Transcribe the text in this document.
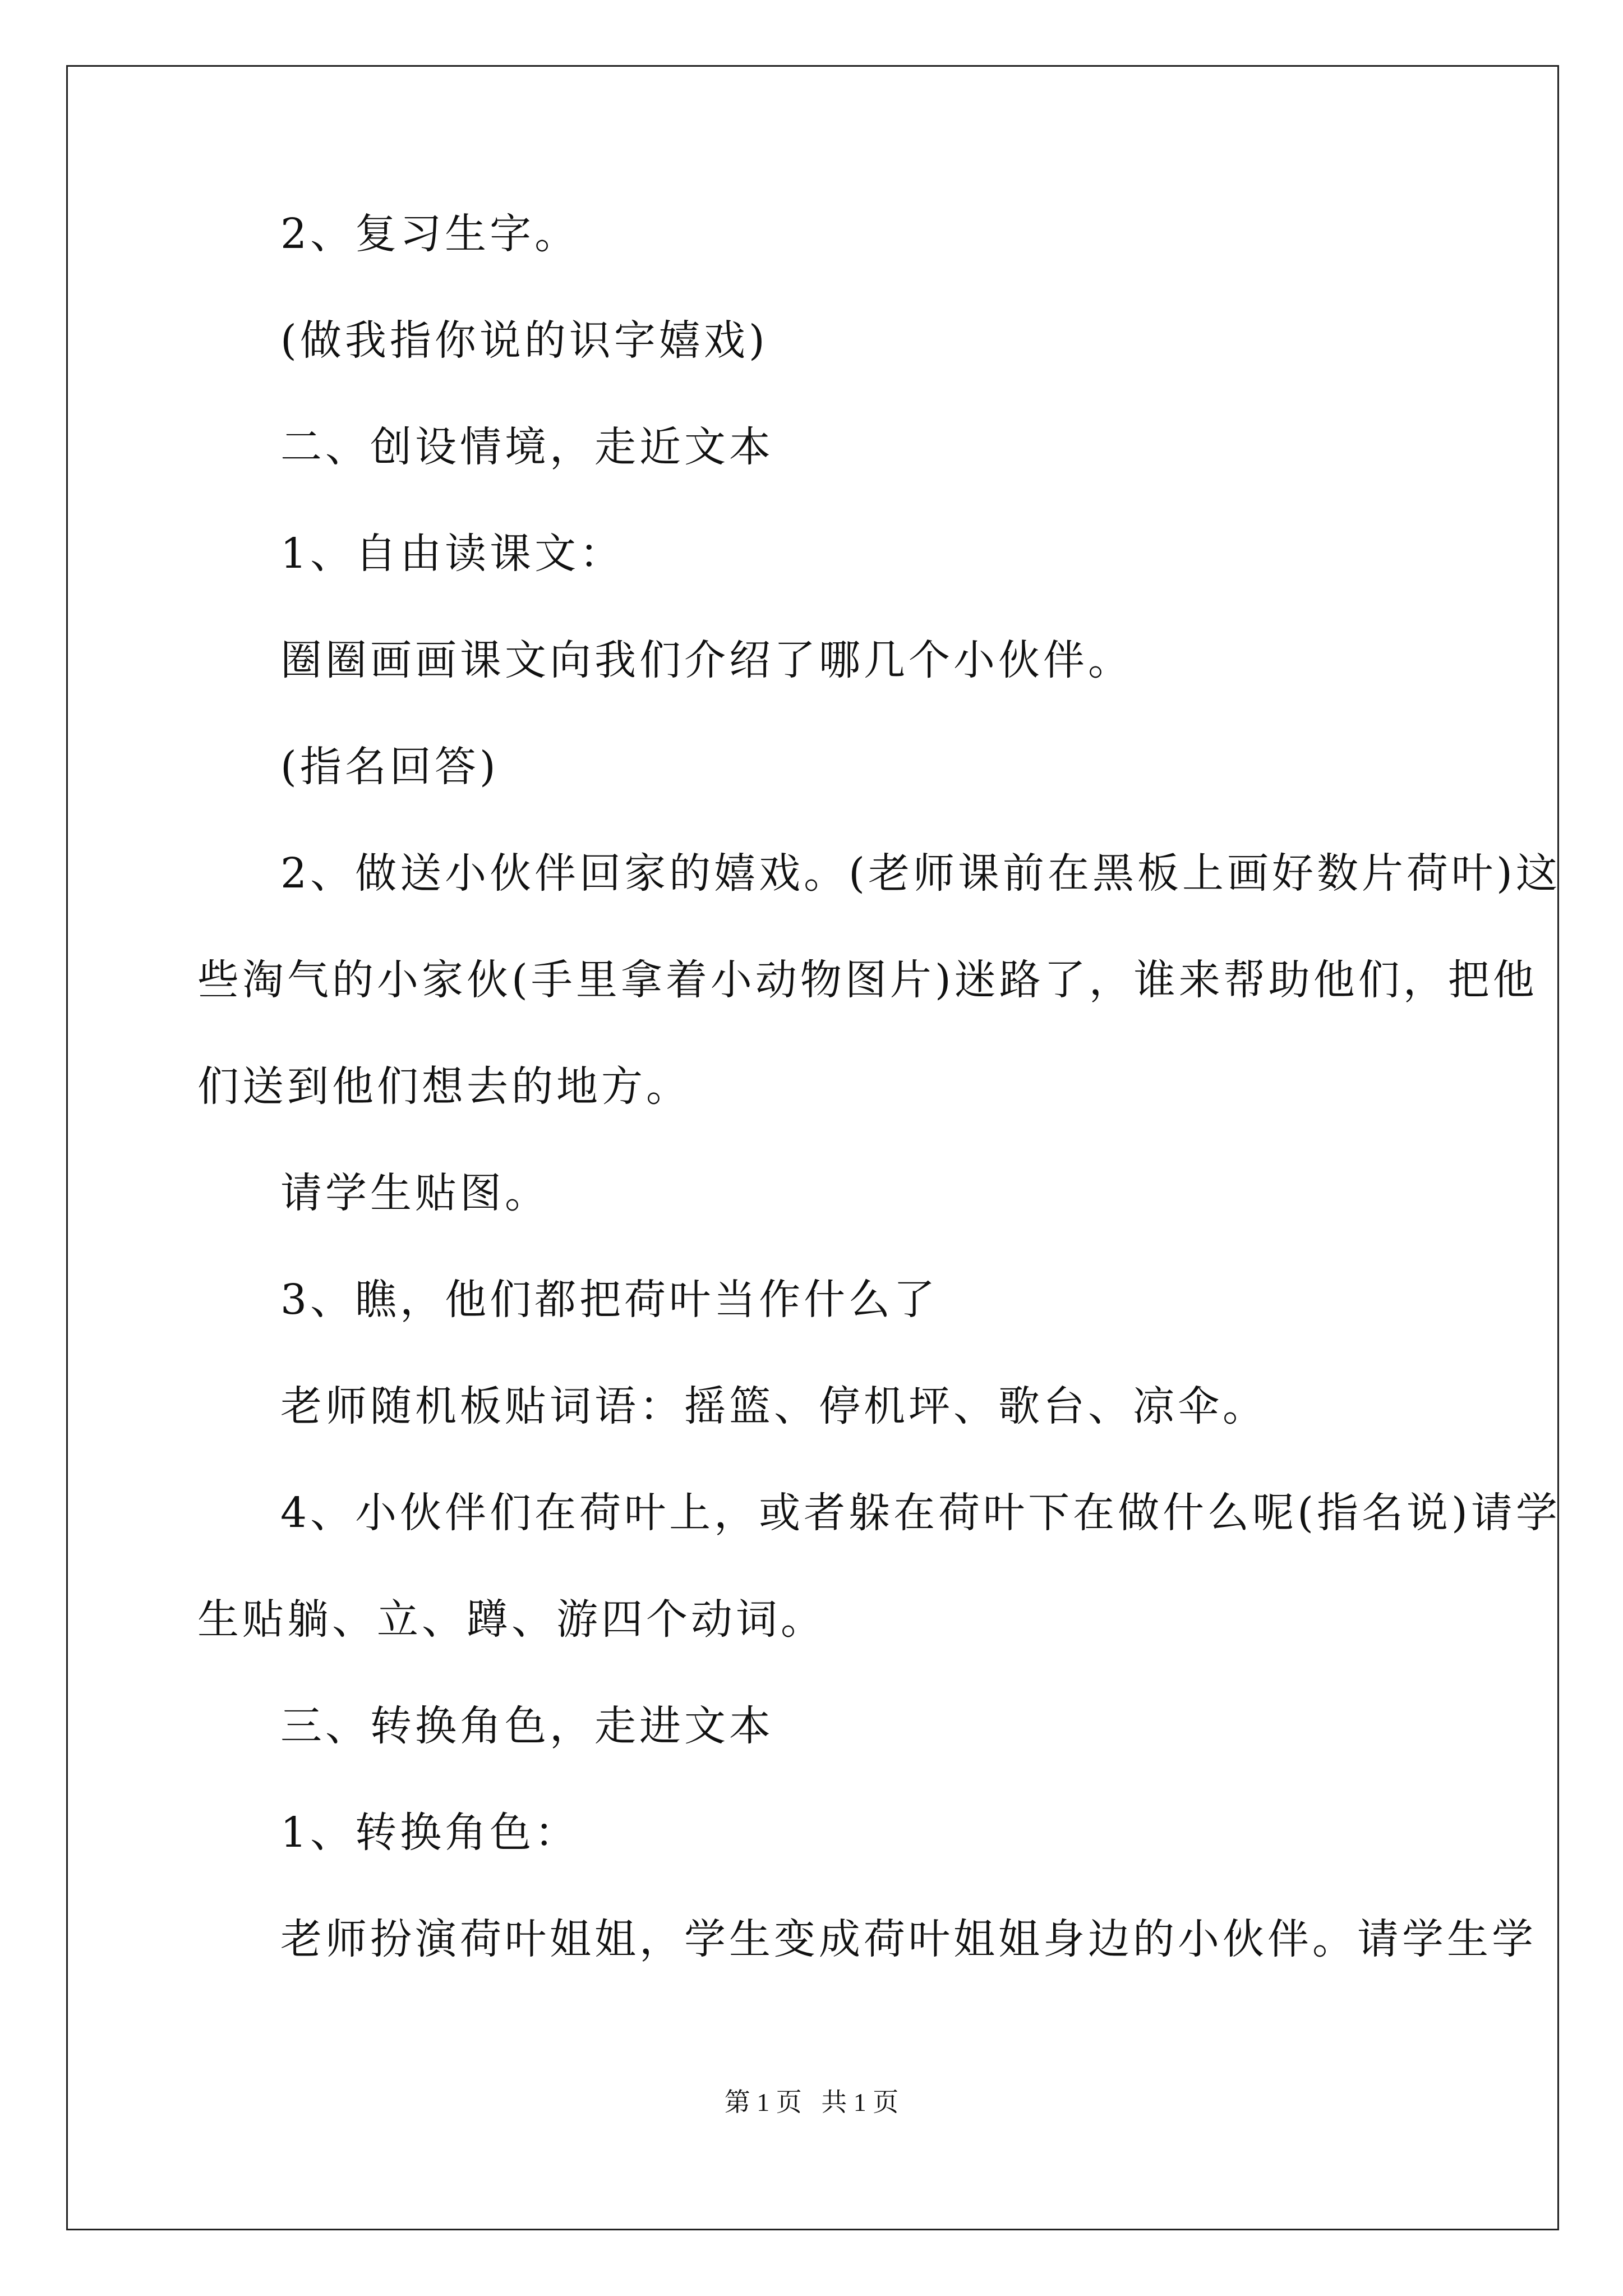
2、复习生字。
(做我指你说的识字嬉戏)
二、创设情境，走近文本
1、自由读课文：
圈圈画画课文向我们介绍了哪几个小伙伴。
(指名回答)
2、做送小伙伴回家的嬉戏。(老师课前在黑板上画好数片荷叶)这
些淘气的小家伙(手里拿着小动物图片)迷路了，谁来帮助他们，把他
们送到他们想去的地方。
请学生贴图。
3、瞧，他们都把荷叶当作什么了
老师随机板贴词语：摇篮、停机坪、歌台、凉伞。
4、小伙伴们在荷叶上，或者躲在荷叶下在做什么呢(指名说)请学
生贴躺、立、蹲、游四个动词。
三、转换角色，走进文本
1、转换角色：
老师扮演荷叶姐姐，学生变成荷叶姐姐身边的小伙伴。请学生学
第 1 页   共 1 页
